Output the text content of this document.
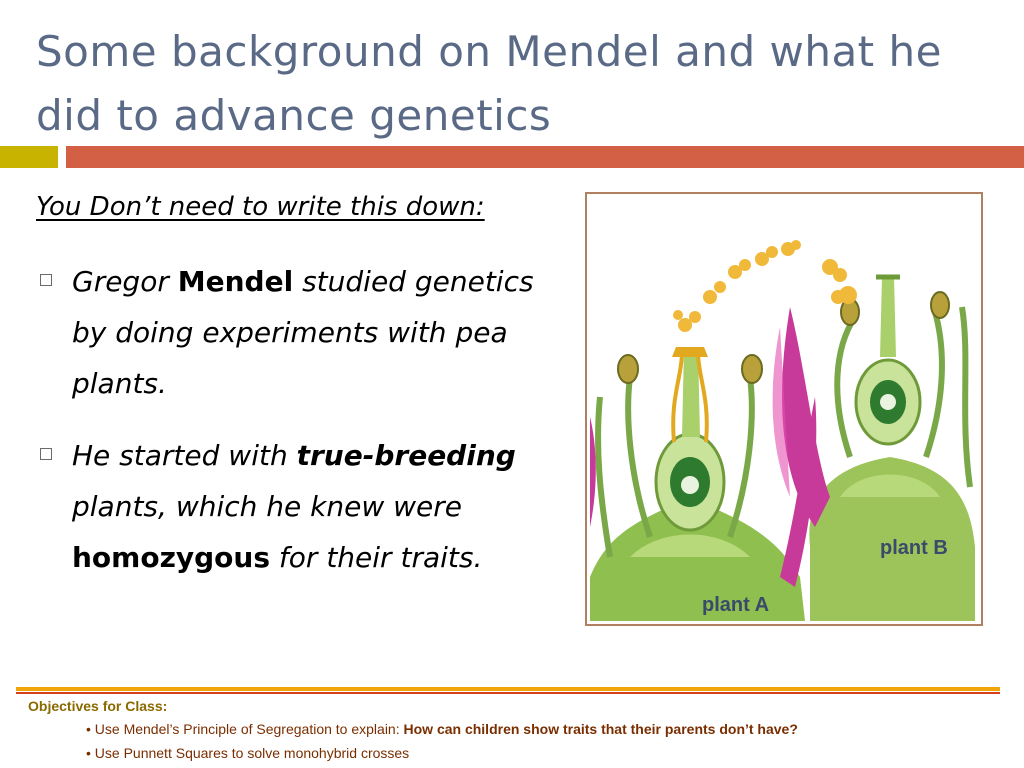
Some background on Mendel and what he did to advance genetics
You Don’t need to write this down:
Gregor Mendel studied genetics by doing experiments with pea plants.
He started with true-breeding plants, which he knew were homozygous for their traits.	plant B
plant A
Objectives for Class:
• Use Mendel’s Principle of Segregation to explain: How can children show traits that their parents don’t have?
• Use Punnett Squares to solve monohybrid crosses
